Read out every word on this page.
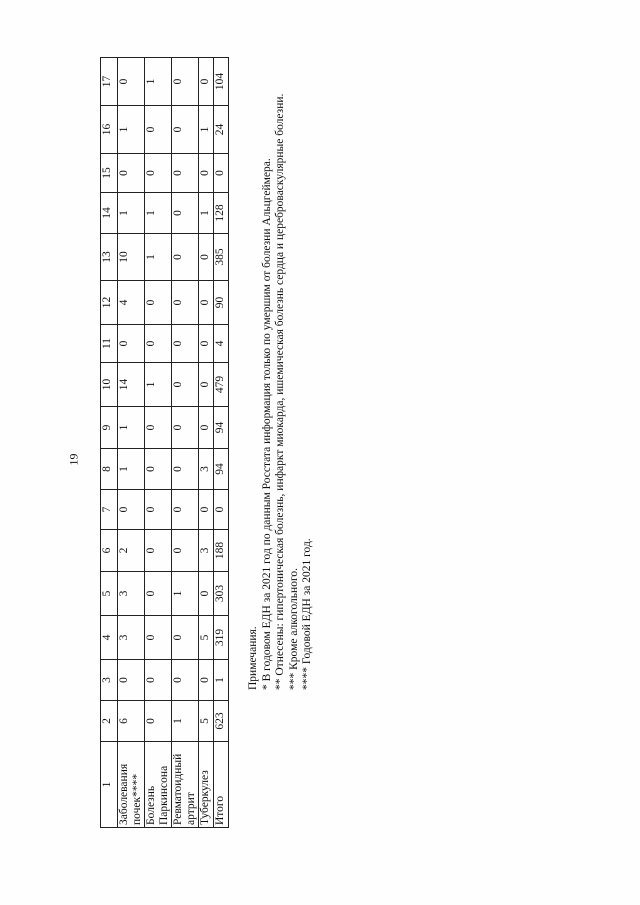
19
1	2	3	4	5	6	7	8	9	10	11	12	13	14	15	16	17
Заболевания почек****	6	0	3	3	2	0	1	1	14	0	4	10	1	0	1	0
Болезнь Паркинсона	0	0	0	0	0	0	0	0	1	0	0	1	1	0	0	1
Ревматоидный артрит	1	0	0	1	0	0	0	0	0	0	0	0	0	0	0	0
Туберкулез	5	0	5	0	3	0	3	0	0	0	0	0	1	0	1	0
Итого	623	1	319	303	188	0	94	94	479	4	90	385	128	0	24	104
Примечания. * В годовом ЕДН за 2021 год по данным Росстата информация только по умершим от болезни Альцгеймера. ** Отнесены: гипертоническая болезнь, инфаркт миокарда, ишемическая болезнь сердца и цереброваскулярные болезни. *** Кроме алкогольного. **** Годовой ЕДН за 2021 год.
